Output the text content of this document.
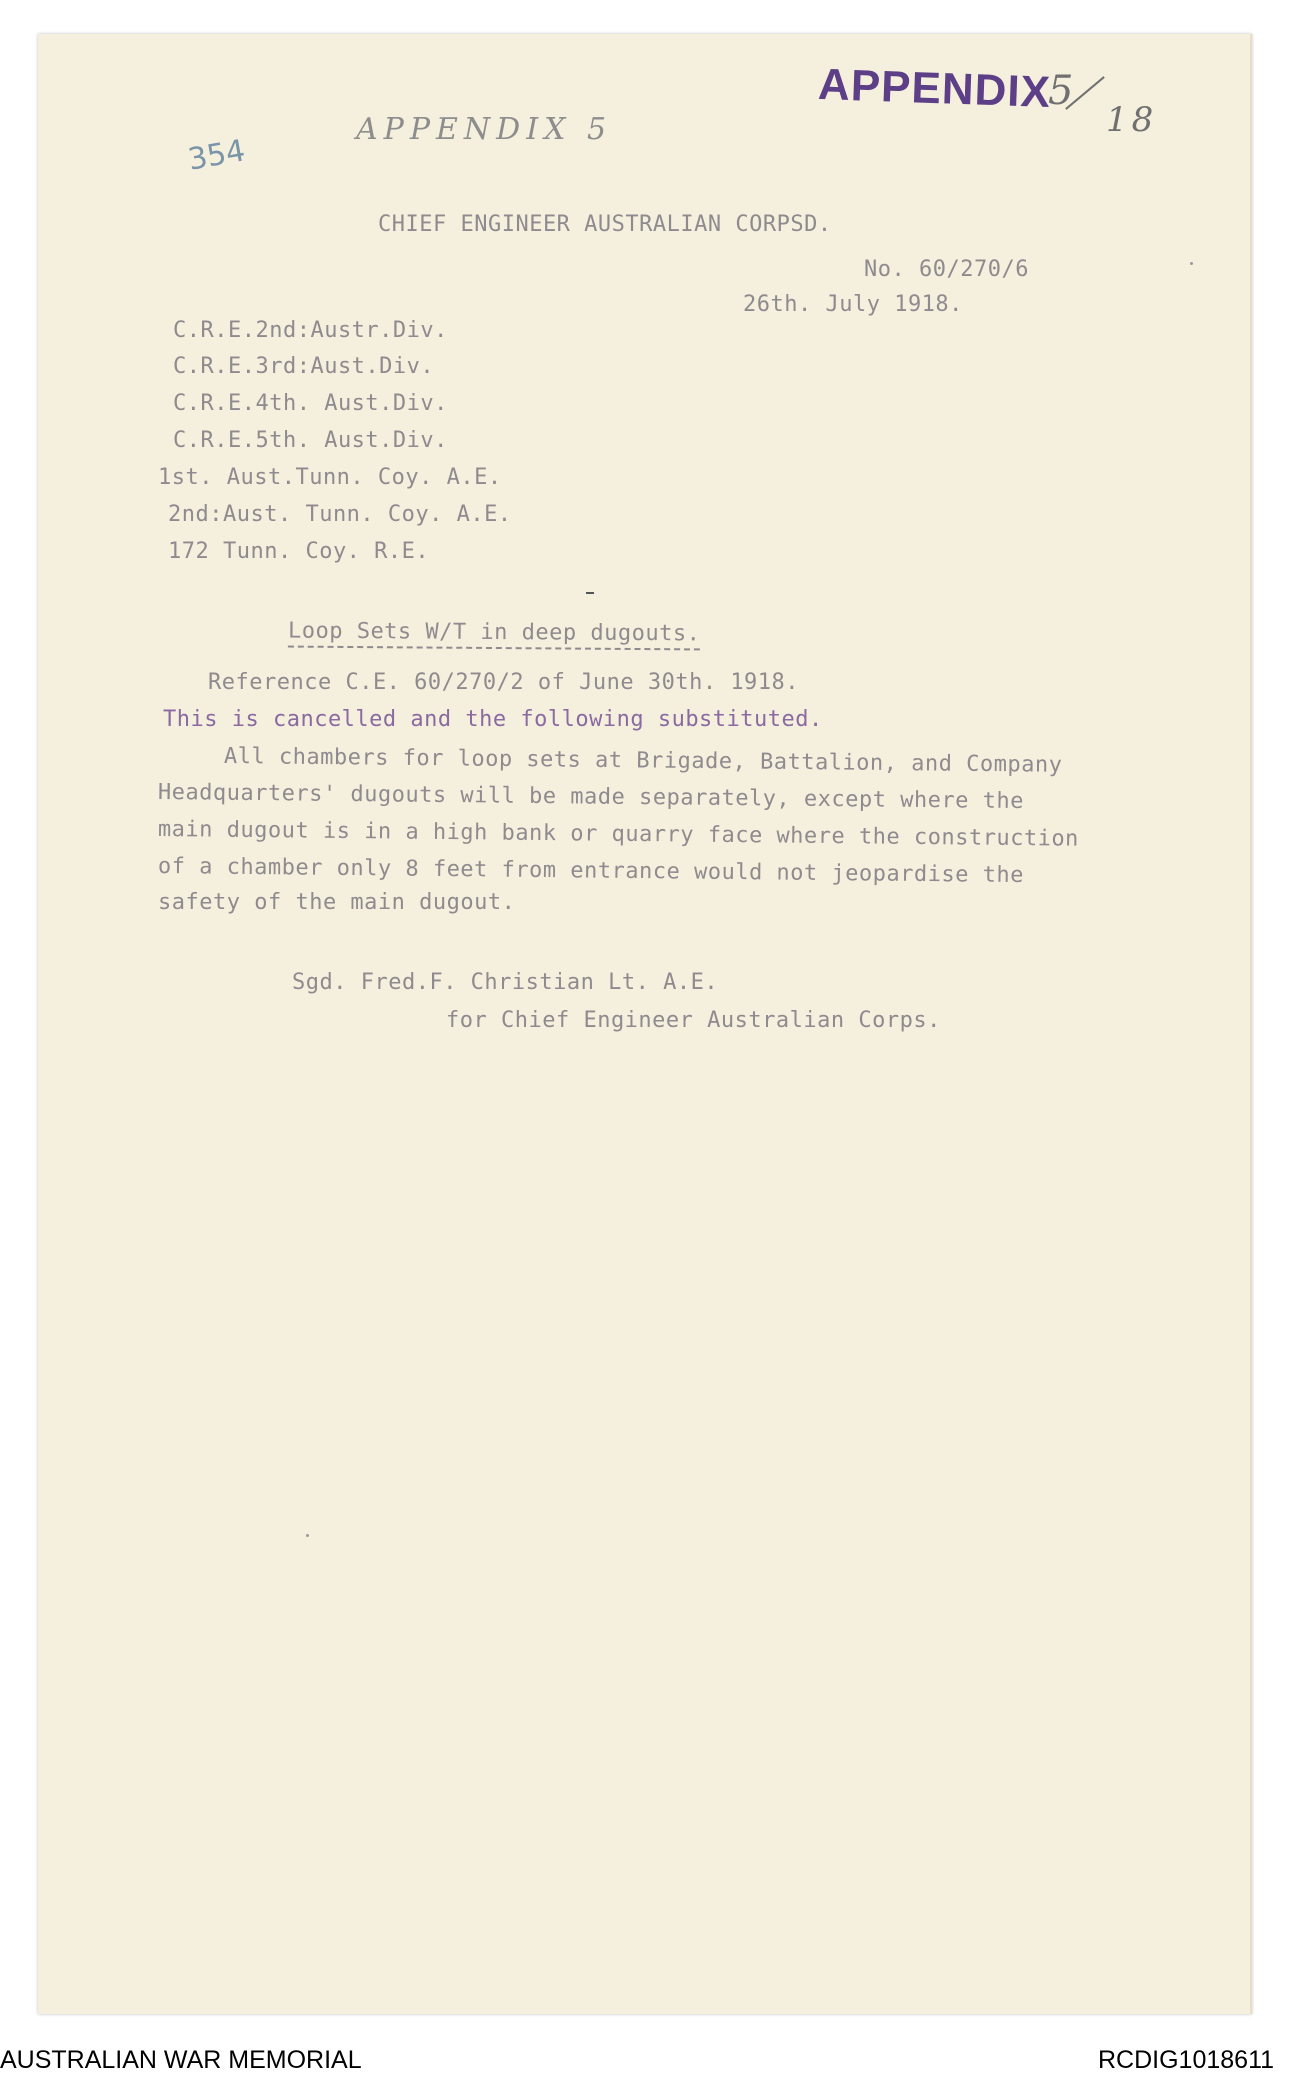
APPENDIX
5
18
354
APPENDIX 5
CHIEF ENGINEER AUSTRALIAN CORPSD.
No. 60/270/6
26th. July 1918.
C.R.E.2nd:Austr.Div.
C.R.E.3rd:Aust.Div.
C.R.E.4th. Aust.Div.
C.R.E.5th. Aust.Div.
1st. Aust.Tunn. Coy. A.E.
2nd:Aust. Tunn. Coy. A.E.
172 Tunn. Coy. R.E.
Loop Sets W/T in deep dugouts.
Reference C.E. 60/270/2 of June 30th. 1918.
This is cancelled and the following substituted.
All chambers for loop sets at Brigade, Battalion, and Company
Headquarters' dugouts will be made separately, except where the
main dugout is in a high bank or quarry face where the construction
of a chamber only 8 feet from entrance would not jeopardise the
safety of the main dugout.
Sgd. Fred.F. Christian Lt. A.E.
for Chief Engineer Australian Corps.
AUSTRALIAN WAR MEMORIAL	RCDIG1018611
